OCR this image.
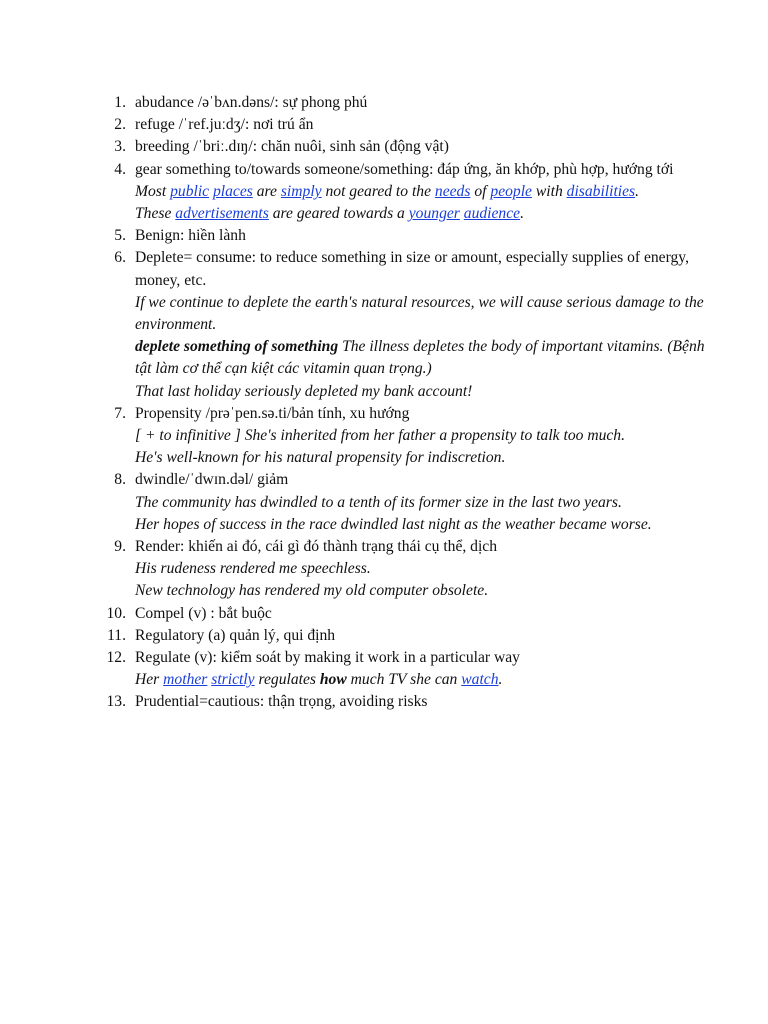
1. abudance /əˈbʌn.dəns/: sự phong phú
2. refuge /ˈref.juːdʒ/: nơi trú ẩn
3. breeding /ˈbriː.dɪŋ/: chăn nuôi, sinh sản (động vật)
4. gear something to/towards someone/something: đáp ứng, ăn khớp, phù hợp, hướng tới
Most public places are simply not geared to the needs of people with disabilities.
These advertisements are geared towards a younger audience.
5. Benign: hiền lành
6. Deplete= consume: to reduce something in size or amount, especially supplies of energy, money, etc.
If we continue to deplete the earth's natural resources, we will cause serious damage to the environment.
deplete something of something The illness depletes the body of important vitamins. (Bệnh tật làm cơ thể cạn kiệt các vitamin quan trọng.)
That last holiday seriously depleted my bank account!
7. Propensity /prəˈpen.sə.ti/bản tính, xu hướng
[ + to infinitive ] She's inherited from her father a propensity to talk too much.
He's well-known for his natural propensity for indiscretion.
8. dwindle/ˈdwɪn.dəl/ giảm
The community has dwindled to a tenth of its former size in the last two years.
Her hopes of success in the race dwindled last night as the weather became worse.
9. Render: khiến ai đó, cái gì đó thành trạng thái cụ thể, dịch
His rudeness rendered me speechless.
New technology has rendered my old computer obsolete.
10. Compel (v) : bắt buộc
11. Regulatory (a) quản lý, qui định
12. Regulate (v): kiểm soát by making it work in a particular way
Her mother strictly regulates how much TV she can watch.
13. Prudential=cautious: thận trọng, avoiding risks
